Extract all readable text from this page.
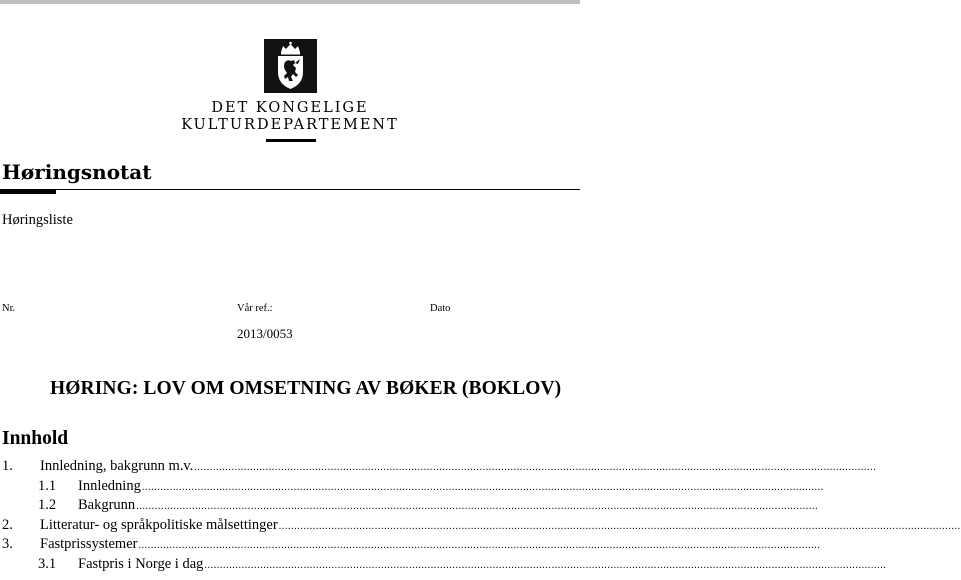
DET KONGELIGE
KULTURDEPARTEMENT
Høringsnotat
Høringsliste
Nr.	Vår ref.:	Dato
2013/0053
HØRING: LOV OM OMSETNING AV BØKER (BOKLOV)
Innhold
1. Innledning, bakgrunn m.v. ............................................................................................................................................................................................................................
1.1 Innledning ............................................................................................................................................................................................................................
1.2 Bakgrunn ............................................................................................................................................................................................................................
2. Litteratur- og språkpolitiske målsettinger ............................................................................................................................................................................................................................
3. Fastprissystemer ............................................................................................................................................................................................................................
3.1 Fastpris i Norge i dag ............................................................................................................................................................................................................................
